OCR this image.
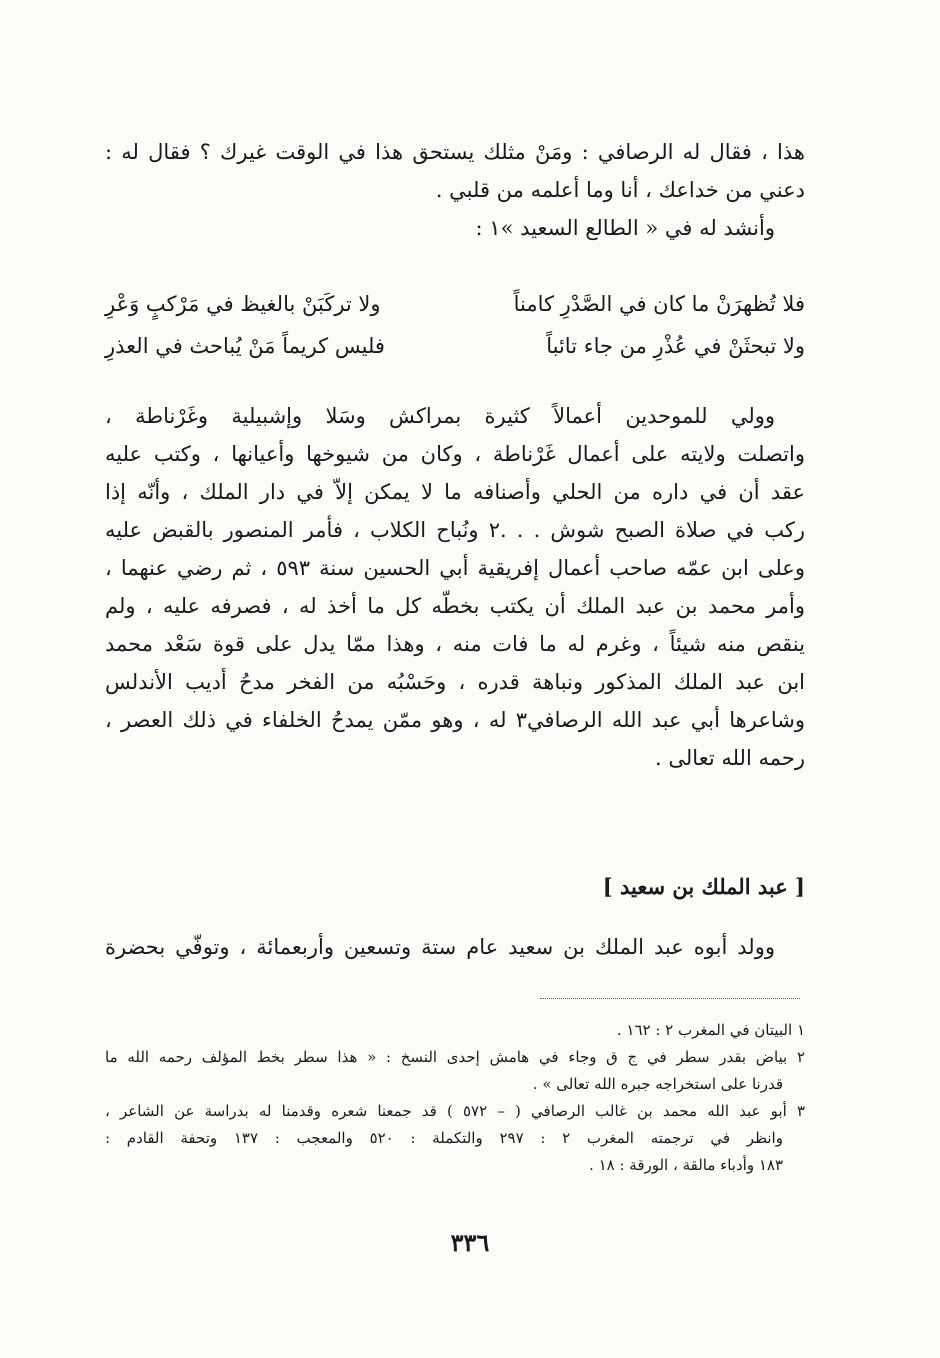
هذا ، فقال له الرصافي : ومَنْ مثلك يستحق هذا في الوقت غيرك ؟ فقال له :
دعني من خداعك ، أنا وما أعلمه من قلبي .
وأنشد له في « الطالع السعيد »١ :
فلا تُظهرَنْ ما كان في الصَّدْرِ كامناً
ولا تركَبَنْ بالغيظ في مَرْكبٍ وَعْرِ
ولا تبحثَنْ في عُذْرِ من جاء تائباً
فليس كريماً مَنْ يُباحث في العذرِ
وولي للموحدين أعمالاً كثيرة بمراكش وسَلا وإشبيلية وغَرْناطة ،
واتصلت ولايته على أعمال غَرْناطة ، وكان من شيوخها وأعيانها ، وكتب عليه
عقد أن في داره من الحلي وأصنافه ما لا يمكن إلاّ في دار الملك ، وأنّه إذا
ركب في صلاة الصبح شوش . . .٢ ونُباح الكلاب ، فأمر المنصور بالقبض عليه
وعلى ابن عمّه صاحب أعمال إفريقية أبي الحسين سنة ٥٩٣ ، ثم رضي عنهما ،
وأمر محمد بن عبد الملك أن يكتب بخطّه كل ما أخذ له ، فصرفه عليه ، ولم
ينقص منه شيئاً ، وغرم له ما فات منه ، وهذا ممّا يدل على قوة سَعْد محمد
ابن عبد الملك المذكور ونباهة قدره ، وحَسْبُه من الفخر مدحُ أديب الأندلس
وشاعرها أبي عبد الله الرصافي٣ له ، وهو ممّن يمدحُ الخلفاء في ذلك العصر ،
رحمه الله تعالى .
[ عبد الملك بن سعيد ]
وولد أبوه عبد الملك بن سعيد عام ستة وتسعين وأربعمائة ، وتوفّي بحضرة
١ البيتان في المغرب ٢ : ١٦٢ .
٢ بياض بقدر سطر في ج ق وجاء في هامش إحدى النسخ : « هذا سطر بخط المؤلف رحمه الله ما
قدرنا على استخراجه جبره الله تعالى » .
٣ أبو عبد الله محمد بن غالب الرصافي ( – ٥٧٢ ) قد جمعنا شعره وقدمنا له بدراسة عن الشاعر ،
وانظر في ترجمته المغرب ٢ : ٢٩٧ والتكملة : ٥٢٠ والمعجب : ١٣٧ وتحفة القادم :
١٨٣ وأدباء مالقة ، الورقة : ١٨ .
٣٣٦
